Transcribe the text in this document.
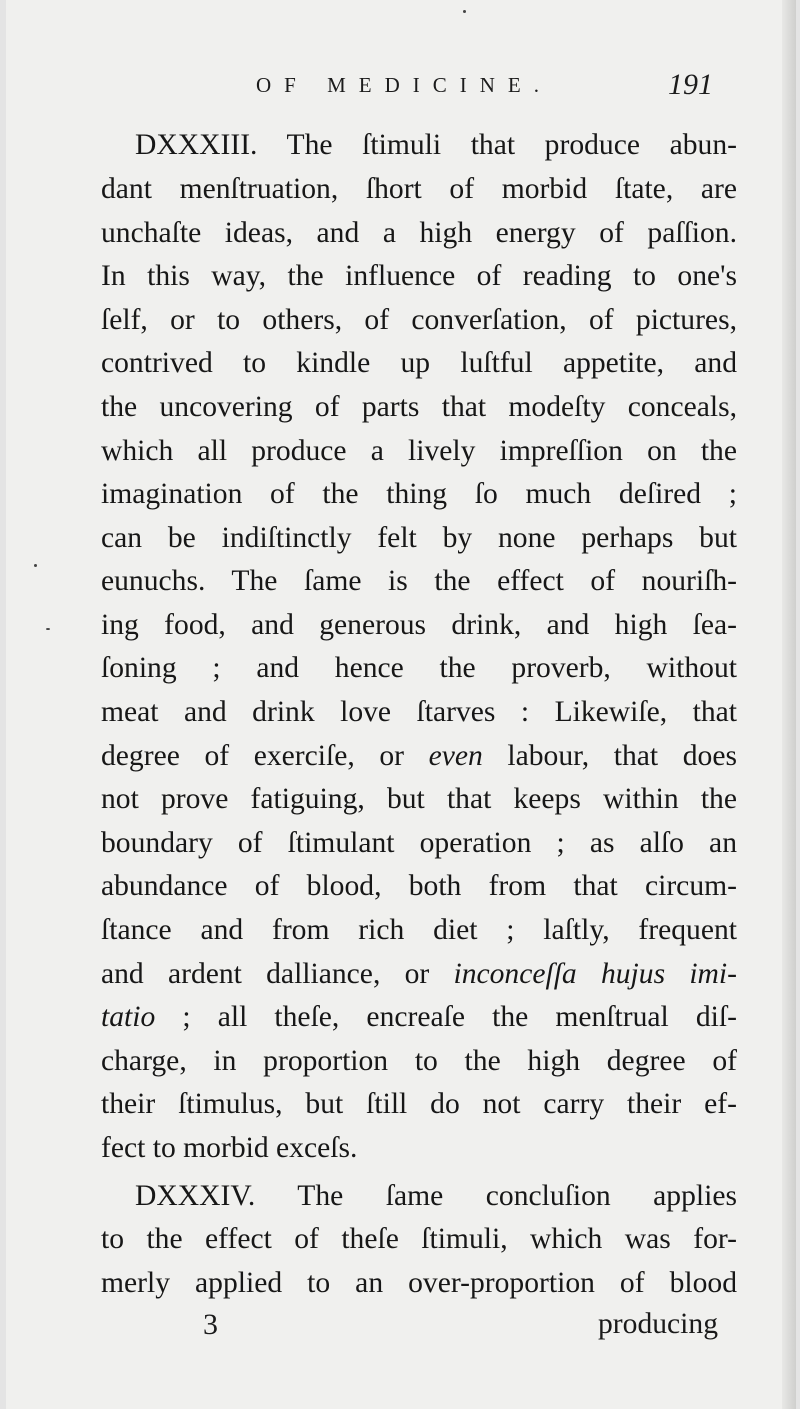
OF MEDICINE.	191
DXXXIII. The ſtimuli that produce abun-
dant menſtruation, ſhort of morbid ſtate, are
unchaſte ideas, and a high energy of paſſion.
In this way, the influence of reading to one's
ſelf, or to others, of converſation, of pictures,
contrived to kindle up luſtful appetite, and
the uncovering of parts that modeſty conceals,
which all produce a lively impreſſion on the
imagination of the thing ſo much deſired ;
can be indiſtinctly felt by none perhaps but
eunuchs. The ſame is the effect of nouriſh-
ing food, and generous drink, and high ſea-
ſoning ; and hence the proverb, without
meat and drink love ſtarves : Likewiſe, that
degree of exerciſe, or even labour, that does
not prove fatiguing, but that keeps within the
boundary of ſtimulant operation ; as alſo an
abundance of blood, both from that circum-
ſtance and from rich diet ; laſtly, frequent
and ardent dalliance, or inconceſſa hujus imi-
tatio ; all theſe, encreaſe the menſtrual diſ-
charge, in proportion to the high degree of
their ſtimulus, but ſtill do not carry their ef-
fect to morbid exceſs.
DXXXIV. The ſame concluſion applies
to the effect of theſe ſtimuli, which was for-
merly applied to an over-proportion of blood
3	producing
